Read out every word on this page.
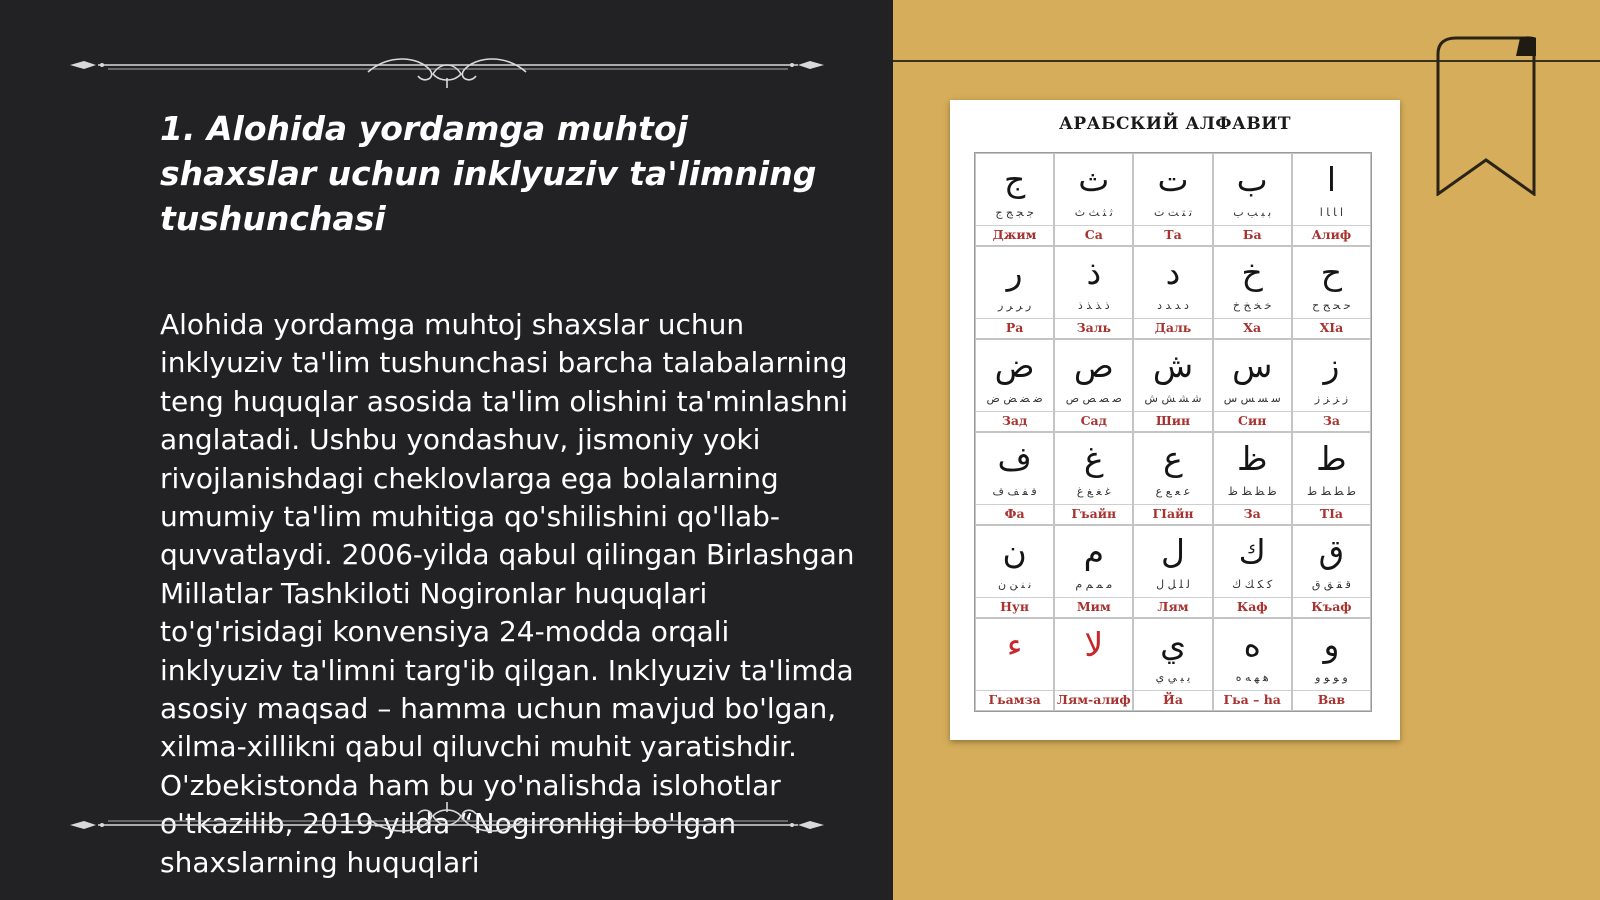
1. Alohida yordamga muhtoj shaxslar uchun inklyuziv ta'limning tushunchasi

Alohida yordamga muhtoj shaxslar uchun inklyuziv ta'lim tushunchasi barcha talabalarning teng huquqlar asosida ta'lim olishini ta'minlashni anglatadi. Ushbu yondashuv, jismoniy yoki rivojlanishdagi cheklovlarga ega bolalarning umumiy ta'lim muhitiga qo'shilishini qo'llab-quvvatlaydi. 2006-yilda qabul qilingan Birlashgan Millatlar Tashkiloti Nogironlar huquqlari to'g'risidagi konvensiya 24-modda orqali inklyuziv ta'limni targ'ib qilgan. Inklyuziv ta'limda asosiy maqsad – hamma uchun mavjud bo'lgan, xilma-xillikni qabul qiluvchi muhit yaratishdir. O'zbekistonda ham bu yo'nalishda islohotlar o'tkazilib, 2019-yilda “Nogironligi bo'lgan shaxslarning huquqlari

АРАБСКИЙ АЛФАВИТ
ا
ﺍ ﺎ ﺎ ﺍ
Алиф
ب
ﺑ ﺒ ﺐ ﺏ
Ба
ت
ﺗ ﺘ ﺖ ﺕ
Та
ث
ﺛ ﺜ ﺚ ﺙ
Са
ج
ﺟ ﺠ ﺞ ﺝ
Джим
ح
ﺣ ﺤ ﺢ ﺡ
ХIа
خ
ﺧ ﺨ ﺦ ﺥ
Ха
د
ﺩ ﺪ ﺪ ﺩ
Даль
ذ
ﺫ ﺬ ﺬ ﺫ
Заль
ر
ﺭ ﺮ ﺮ ﺭ
Ра
ز
ﺯ ﺰ ﺰ ﺯ
За
س
ﺳ ﺴ ﺲ ﺱ
Син
ش
ﺷ ﺸ ﺶ ﺵ
Шин
ص
ﺻ ﺼ ﺺ ﺹ
Сад
ض
ﺿ ﻀ ﺾ ﺽ
Зад
ط
ﻃ ﻄ ﻂ ﻁ
ТIа
ظ
ﻇ ﻈ ﻆ ﻅ
За
ع
ﻋ ﻌ ﻊ ﻉ
ГIайн
غ
ﻏ ﻐ ﻎ ﻍ
Гъайн
ف
ﻓ ﻔ ﻒ ﻑ
Фа
ق
ﻗ ﻘ ﻖ ﻕ
Къаф
ك
ﻛ ﻜ ﻚ ﻙ
Каф
ل
ﻟ ﻠ ﻞ ﻝ
Лям
م
ﻣ ﻤ ﻢ ﻡ
Мим
ن
ﻧ ﻨ ﻦ ﻥ
Нун
و
ﻭ ﻮ ﻮ ﻭ
Вав
ه
ﻫ ﻬ ﻪ ﻩ
Гьа – ha
ي
ﻳ ﻴ ﻲ ﻱ
Йа
لا
Лям-алиф
ء
Гьамза
